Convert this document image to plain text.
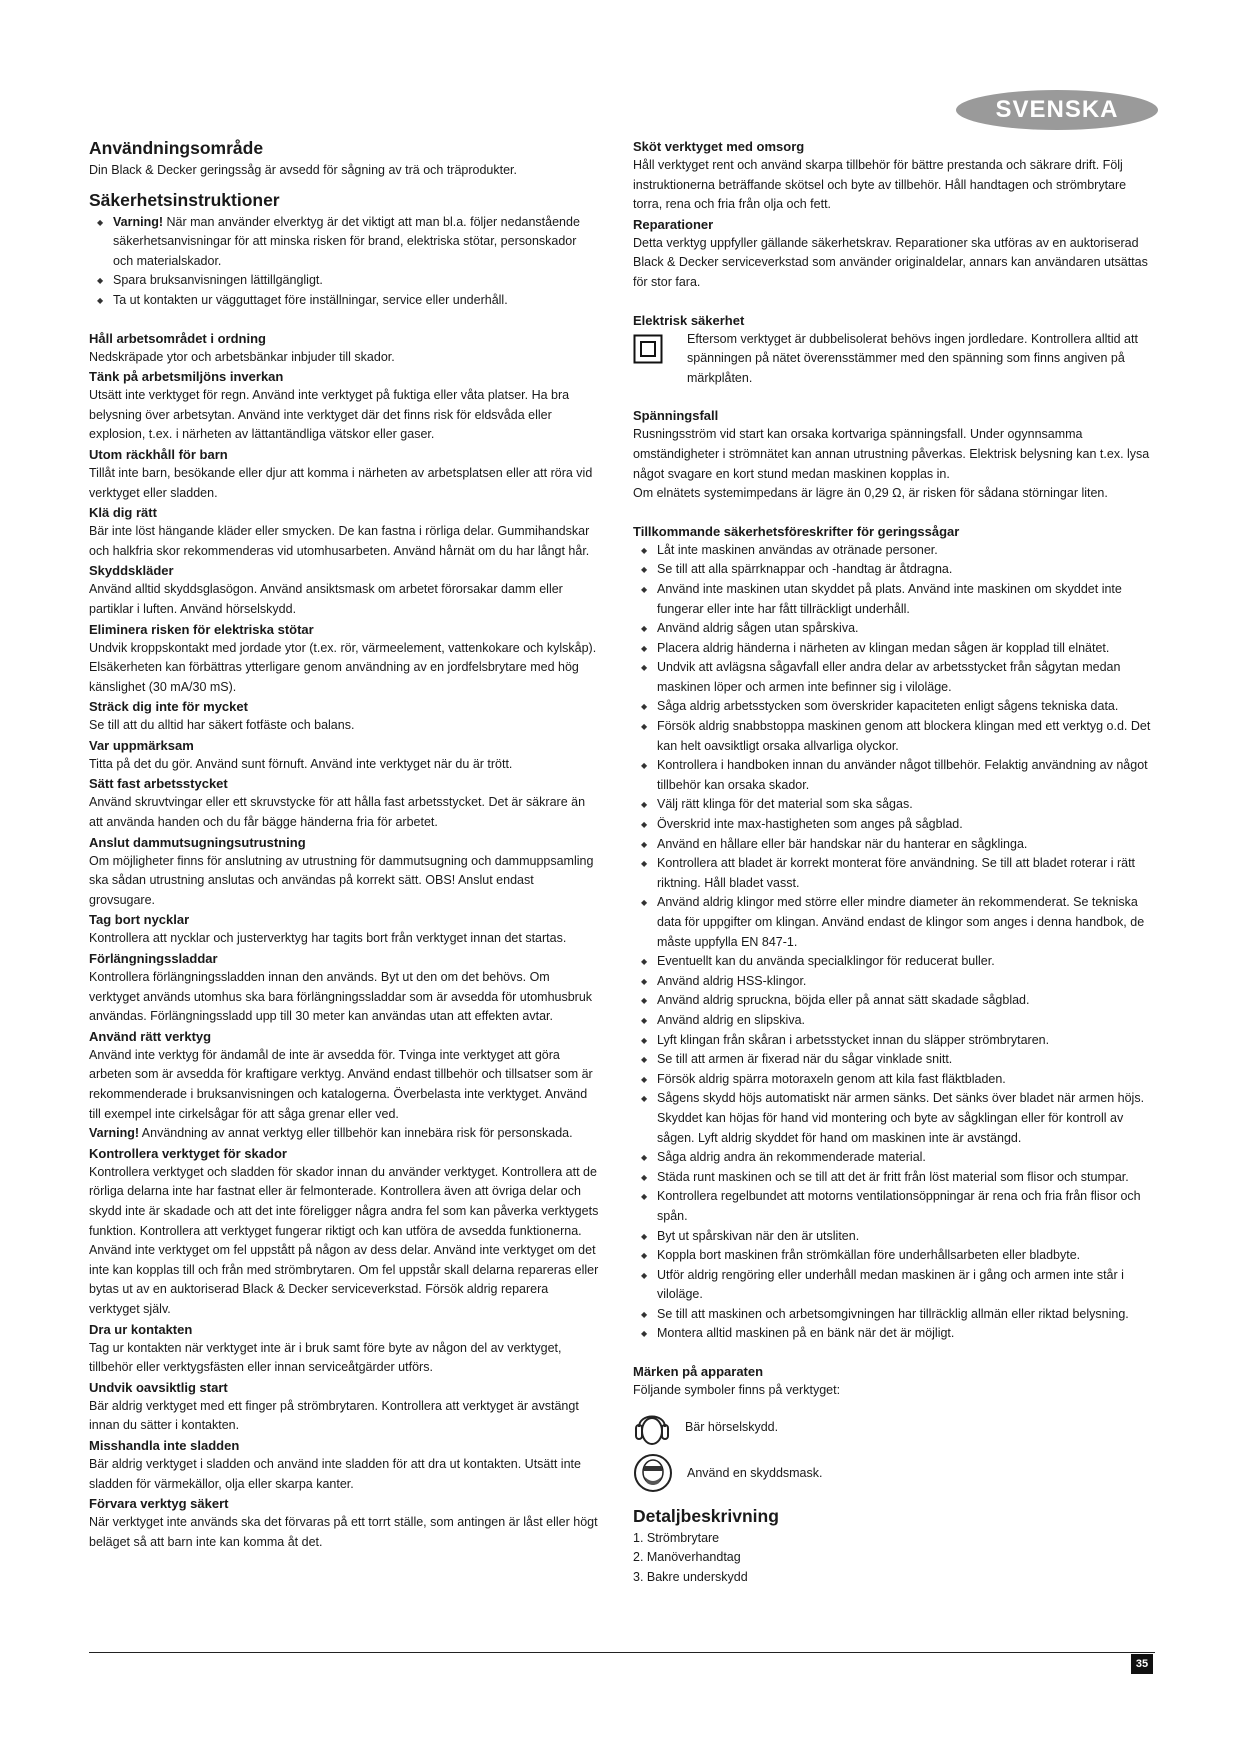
SVENSKA
Användningsområde

Din Black & Decker geringssåg är avsedd för sågning av trä och träprodukter.

Säkerhetsinstruktioner
◆ Varning! När man använder elverktyg är det viktigt att man bl.a. följer nedanstående säkerhetsanvisningar för att minska risken för brand, elektriska stötar, personskador och materialskador.
◆ Spara bruksanvisningen lättillgängligt.
◆ Ta ut kontakten ur vägguttaget före inställningar, service eller underhåll.
Håll arbetsområdet i ordning

Nedskräpade ytor och arbetsbänkar inbjuder till skador.

Tänk på arbetsmiljöns inverkan

Utsätt inte verktyget för regn. Använd inte verktyget på fuktiga eller våta platser. Ha bra belysning över arbetsytan. Använd inte verktyget där det finns risk för eldsvåda eller explosion, t.ex. i närheten av lättantändliga vätskor eller gaser.

Utom räckhåll för barn

Tillåt inte barn, besökande eller djur att komma i närheten av arbetsplatsen eller att röra vid verktyget eller sladden.

Klä dig rätt

Bär inte löst hängande kläder eller smycken. De kan fastna i rörliga delar. Gummihandskar och halkfria skor rekommenderas vid utomhusarbeten. Använd hårnät om du har långt hår.

Skyddskläder

Använd alltid skyddsglasögon. Använd ansiktsmask om arbetet förorsakar damm eller partiklar i luften. Använd hörselskydd.

Eliminera risken för elektriska stötar

Undvik kroppskontakt med jordade ytor (t.ex. rör, värmeelement, vattenkokare och kylskåp). Elsäkerheten kan förbättras ytterligare genom användning av en jordfelsbrytare med hög känslighet (30 mA/30 mS).

Sträck dig inte för mycket

Se till att du alltid har säkert fotfäste och balans.

Var uppmärksam

Titta på det du gör. Använd sunt förnuft. Använd inte verktyget när du är trött.

Sätt fast arbetsstycket

Använd skruvtvingar eller ett skruvstycke för att hålla fast arbetsstycket. Det är säkrare än att använda handen och du får bägge händerna fria för arbetet.

Anslut dammutsugningsutrustning

Om möjligheter finns för anslutning av utrustning för dammutsugning och dammuppsamling ska sådan utrustning anslutas och användas på korrekt sätt. OBS! Anslut endast grovsugare.

Tag bort nycklar

Kontrollera att nycklar och justerverktyg har tagits bort från verktyget innan det startas.

Förlängningssladdar

Kontrollera förlängningssladden innan den används. Byt ut den om det behövs. Om verktyget används utomhus ska bara förlängningssladdar som är avsedda för utomhusbruk användas. Förlängningssladd upp till 30 meter kan användas utan att effekten avtar.

Använd rätt verktyg

Använd inte verktyg för ändamål de inte är avsedda för. Tvinga inte verktyget att göra arbeten som är avsedda för kraftigare verktyg. Använd endast tillbehör och tillsatser som är rekommenderade i bruksanvisningen och katalogerna. Överbelasta inte verktyget. Använd till exempel inte cirkelsågar för att såga grenar eller ved.

Varning! Användning av annat verktyg eller tillbehör kan innebära risk för personskada.

Kontrollera verktyget för skador

Kontrollera verktyget och sladden för skador innan du använder verktyget. Kontrollera att de rörliga delarna inte har fastnat eller är felmonterade. Kontrollera även att övriga delar och skydd inte är skadade och att det inte föreligger några andra fel som kan påverka verktygets funktion. Kontrollera att verktyget fungerar riktigt och kan utföra de avsedda funktionerna. Använd inte verktyget om fel uppstått på någon av dess delar. Använd inte verktyget om det inte kan kopplas till och från med strömbrytaren. Om fel uppstår skall delarna repareras eller bytas ut av en auktoriserad Black & Decker serviceverkstad. Försök aldrig reparera verktyget själv.

Dra ur kontakten

Tag ur kontakten när verktyget inte är i bruk samt före byte av någon del av verktyget, tillbehör eller verktygsfästen eller innan serviceåtgärder utförs.

Undvik oavsiktlig start

Bär aldrig verktyget med ett finger på strömbrytaren. Kontrollera att verktyget är avstängt innan du sätter i kontakten.

Misshandla inte sladden

Bär aldrig verktyget i sladden och använd inte sladden för att dra ut kontakten. Utsätt inte sladden för värmekällor, olja eller skarpa kanter.

Förvara verktyg säkert

När verktyget inte används ska det förvaras på ett torrt ställe, som antingen är låst eller högt beläget så att barn inte kan komma åt det.

Sköt verktyget med omsorg

Håll verktyget rent och använd skarpa tillbehör för bättre prestanda och säkrare drift. Följ instruktionerna beträffande skötsel och byte av tillbehör. Håll handtagen och strömbrytare torra, rena och fria från olja och fett.

Reparationer

Detta verktyg uppfyller gällande säkerhetskrav. Reparationer ska utföras av en auktoriserad Black & Decker serviceverkstad som använder originaldelar, annars kan användaren utsättas för stor fara.

Elektrisk säkerhet

Eftersom verktyget är dubbelisolerat behövs ingen jordledare. Kontrollera alltid att spänningen på nätet överensstämmer med den spänning som finns angiven på märkplåten.

Spänningsfall

Rusningsström vid start kan orsaka kortvariga spänningsfall. Under ogynnsamma omständigheter i strömnätet kan annan utrustning påverkas. Elektrisk belysning kan t.ex. lysa något svagare en kort stund medan maskinen kopplas in.

Om elnätets systemimpedans är lägre än 0,29 Ω, är risken för sådana störningar liten.

Tillkommande säkerhetsföreskrifter för geringssågar
◆ Låt inte maskinen användas av otränade personer.
◆ Se till att alla spärrknappar och -handtag är åtdragna.
◆ Använd inte maskinen utan skyddet på plats. Använd inte maskinen om skyddet inte fungerar eller inte har fått tillräckligt underhåll.
◆ Använd aldrig sågen utan spårskiva.
◆ Placera aldrig händerna i närheten av klingan medan sågen är kopplad till elnätet.
◆ Undvik att avlägsna sågavfall eller andra delar av arbetsstycket från sågytan medan maskinen löper och armen inte befinner sig i viloläge.
◆ Såga aldrig arbetsstycken som överskrider kapaciteten enligt sågens tekniska data.
◆ Försök aldrig snabbstoppa maskinen genom att blockera klingan med ett verktyg o.d. Det kan helt oavsiktligt orsaka allvarliga olyckor.
◆ Kontrollera i handboken innan du använder något tillbehör. Felaktig användning av något tillbehör kan orsaka skador.
◆ Välj rätt klinga för det material som ska sågas.
◆ Överskrid inte max-hastigheten som anges på sågblad.
◆ Använd en hållare eller bär handskar när du hanterar en sågklinga.
◆ Kontrollera att bladet är korrekt monterat före användning. Se till att bladet roterar i rätt riktning. Håll bladet vasst.
◆ Använd aldrig klingor med större eller mindre diameter än rekommenderat. Se tekniska data för uppgifter om klingan. Använd endast de klingor som anges i denna handbok, de måste uppfylla EN 847-1.
◆ Eventuellt kan du använda specialklingor för reducerat buller.
◆ Använd aldrig HSS-klingor.
◆ Använd aldrig spruckna, böjda eller på annat sätt skadade sågblad.
◆ Använd aldrig en slipskiva.
◆ Lyft klingan från skåran i arbetsstycket innan du släpper strömbrytaren.
◆ Se till att armen är fixerad när du sågar vinklade snitt.
◆ Försök aldrig spärra motoraxeln genom att kila fast fläktbladen.
◆ Sågens skydd höjs automatiskt när armen sänks. Det sänks över bladet när armen höjs. Skyddet kan höjas för hand vid montering och byte av sågklingan eller för kontroll av sågen. Lyft aldrig skyddet för hand om maskinen inte är avstängd.
◆ Såga aldrig andra än rekommenderade material.
◆ Städa runt maskinen och se till att det är fritt från löst material som flisor och stumpar.
◆ Kontrollera regelbundet att motorns ventilationsöppningar är rena och fria från flisor och spån.
◆ Byt ut spårskivan när den är utsliten.
◆ Koppla bort maskinen från strömkällan före underhållsarbeten eller bladbyte.
◆ Utför aldrig rengöring eller underhåll medan maskinen är i gång och armen inte står i viloläge.
◆ Se till att maskinen och arbetsomgivningen har tillräcklig allmän eller riktad belysning.
◆ Montera alltid maskinen på en bänk när det är möjligt.
Märken på apparaten

Följande symboler finns på verktyget:

Bär hörselskydd.
Använd en skyddsmask.
Detaljbeskrivning
1. Strömbrytare
2. Manöverhandtag
3. Bakre underskydd
35
